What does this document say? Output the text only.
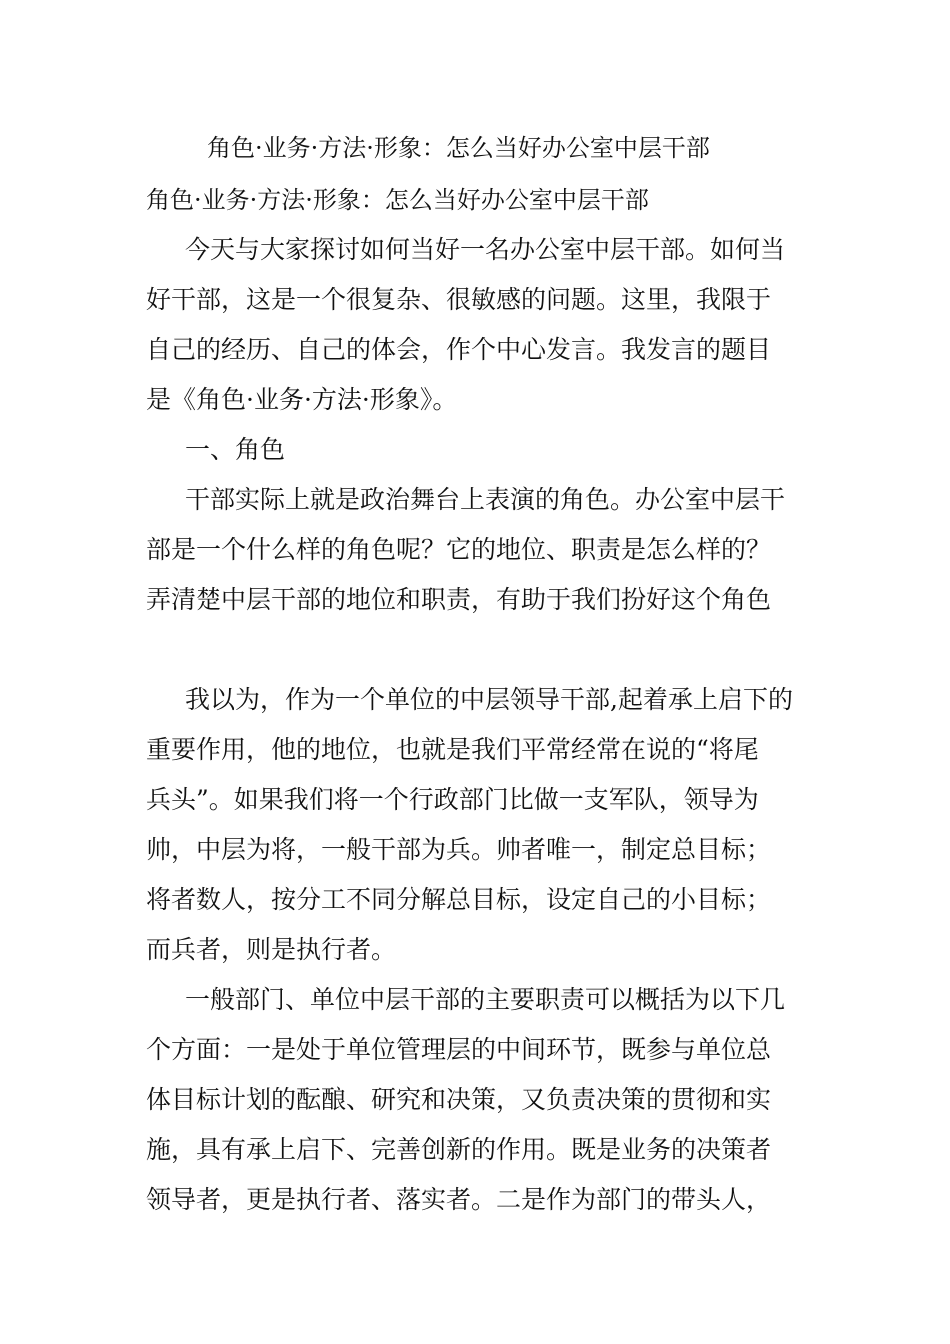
角色·业务·方法·形象：怎么当好办公室中层干部
角色·业务·方法·形象：怎么当好办公室中层干部
今天与大家探讨如何当好一名办公室中层干部。如何当
好干部，这是一个很复杂、很敏感的问题。这里，我限于
自己的经历、自己的体会，作个中心发言。我发言的题目
是《角色·业务·方法·形象》。
一、角色
干部实际上就是政治舞台上表演的角色。办公室中层干
部是一个什么样的角色呢？它的地位、职责是怎么样的？
弄清楚中层干部的地位和职责，有助于我们扮好这个角色
我以为，作为一个单位的中层领导干部,起着承上启下的
重要作用，他的地位，也就是我们平常经常在说的“将尾
兵头”。如果我们将一个行政部门比做一支军队，领导为
帅，中层为将，一般干部为兵。帅者唯一，制定总目标；
将者数人，按分工不同分解总目标，设定自己的小目标；
而兵者，则是执行者。
一般部门、单位中层干部的主要职责可以概括为以下几
个方面：一是处于单位管理层的中间环节，既参与单位总
体目标计划的酝酿、研究和决策，又负责决策的贯彻和实
施，具有承上启下、完善创新的作用。既是业务的决策者
领导者，更是执行者、落实者。二是作为部门的带头人，
